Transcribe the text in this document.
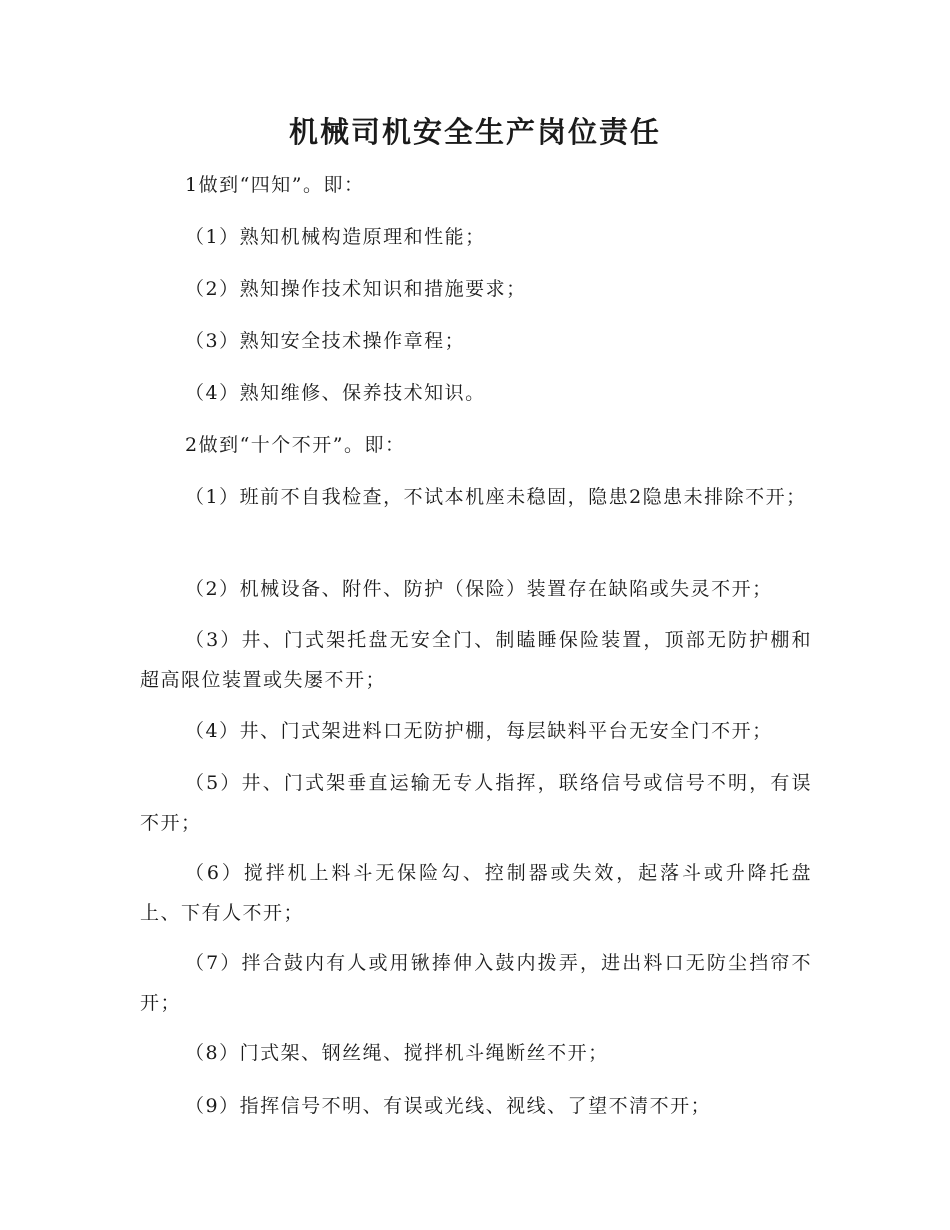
机械司机安全生产岗位责任

1做到“四知”。即：

（1）熟知机械构造原理和性能；

（2）熟知操作技术知识和措施要求；

（3）熟知安全技术操作章程；

（4）熟知维修、保养技术知识。

2做到“十个不开”。即：

（1）班前不自我检查，不试本机座未稳固，隐患2隐患未排除不开；

（2）机械设备、附件、防护（保险）装置存在缺陷或失灵不开；

（3）井、门式架托盘无安全门、制瞌睡保险装置，顶部无防护棚和超高限位装置或失屡不开；

（4）井、门式架进料口无防护棚，每层缺料平台无安全门不开；

（5）井、门式架垂直运输无专人指挥，联络信号或信号不明，有误不开；

（6）搅拌机上料斗无保险勾、控制器或失效，起落斗或升降托盘上、下有人不开；

（7）拌合鼓内有人或用锹捧伸入鼓内拨弄，进出料口无防尘挡帘不开；

（8）门式架、钢丝绳、搅拌机斗绳断丝不开；

（9）指挥信号不明、有误或光线、视线、了望不清不开；
